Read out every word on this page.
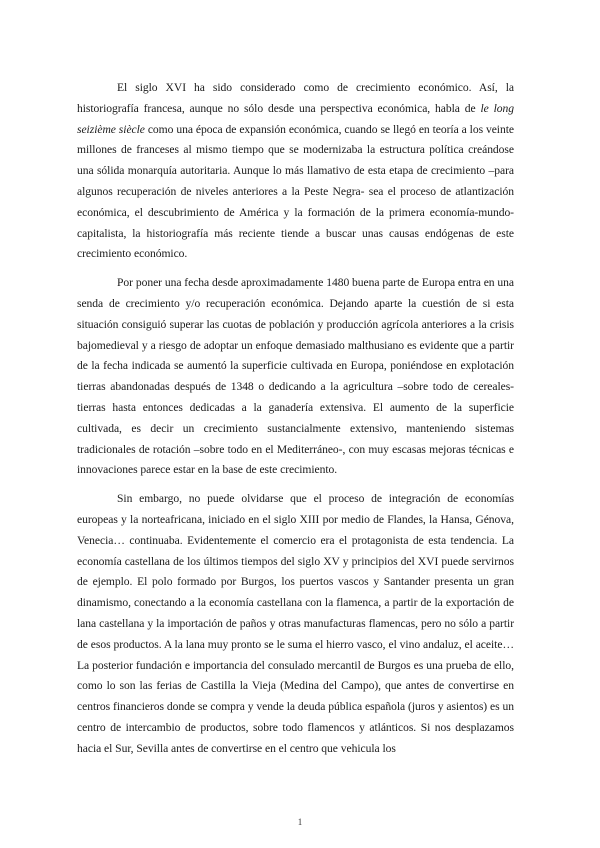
El siglo XVI ha sido considerado como de crecimiento económico. Así, la historiografía francesa, aunque no sólo desde una perspectiva económica, habla de le long seizième siècle como una época de expansión económica, cuando se llegó en teoría a los veinte millones de franceses al mismo tiempo que se modernizaba la estructura política creándose una sólida monarquía autoritaria. Aunque lo más llamativo de esta etapa de crecimiento –para algunos recuperación de niveles anteriores a la Peste Negra- sea el proceso de atlantización económica, el descubrimiento de América y la formación de la primera economía-mundo-capitalista, la historiografía más reciente tiende a buscar unas causas endógenas de este crecimiento económico.

Por poner una fecha desde aproximadamente 1480 buena parte de Europa entra en una senda de crecimiento y/o recuperación económica. Dejando aparte la cuestión de si esta situación consiguió superar las cuotas de población y producción agrícola anteriores a la crisis bajomedieval y a riesgo de adoptar un enfoque demasiado malthusiano es evidente que a partir de la fecha indicada se aumentó la superficie cultivada en Europa, poniéndose en explotación tierras abandonadas después de 1348 o dedicando a la agricultura –sobre todo de cereales- tierras hasta entonces dedicadas a la ganadería extensiva. El aumento de la superficie cultivada, es decir un crecimiento sustancialmente extensivo, manteniendo sistemas tradicionales de rotación –sobre todo en el Mediterráneo-, con muy escasas mejoras técnicas e innovaciones parece estar en la base de este crecimiento.

Sin embargo, no puede olvidarse que el proceso de integración de economías europeas y la norteafricana, iniciado en el siglo XIII por medio de Flandes, la Hansa, Génova, Venecia… continuaba. Evidentemente el comercio era el protagonista de esta tendencia. La economía castellana de los últimos tiempos del siglo XV y principios del XVI puede servirnos de ejemplo. El polo formado por Burgos, los puertos vascos y Santander presenta un gran dinamismo, conectando a la economía castellana con la flamenca, a partir de la exportación de lana castellana y la importación de paños y otras manufacturas flamencas, pero no sólo a partir de esos productos. A la lana muy pronto se le suma el hierro vasco, el vino andaluz, el aceite… La posterior fundación e importancia del consulado mercantil de Burgos es una prueba de ello, como lo son las ferias de Castilla la Vieja (Medina del Campo), que antes de convertirse en centros financieros donde se compra y vende la deuda pública española (juros y asientos) es un centro de intercambio de productos, sobre todo flamencos y atlánticos. Si nos desplazamos hacia el Sur, Sevilla antes de convertirse en el centro que vehicula los

1
